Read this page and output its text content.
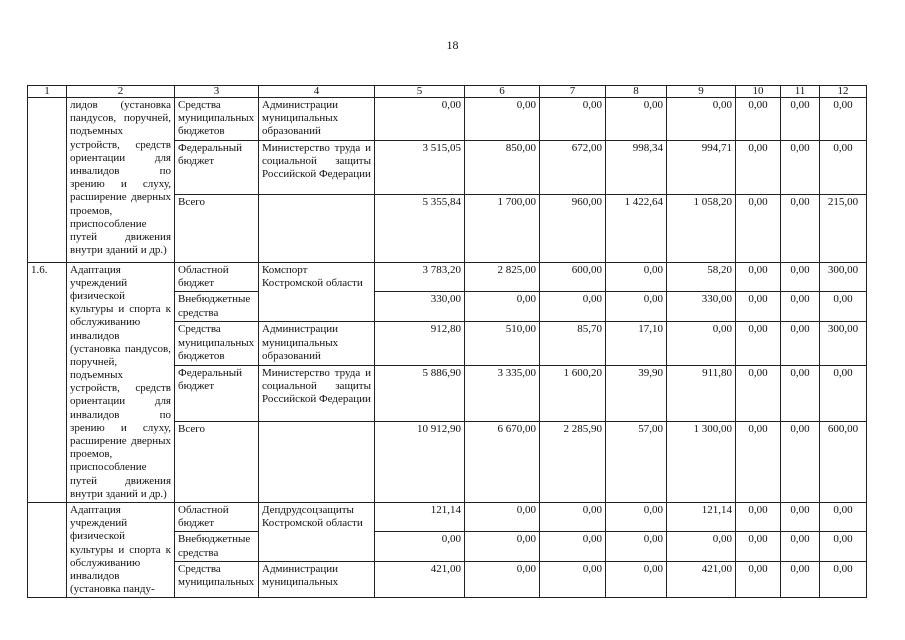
18
1	2	3	4	5	6	7	8	9	10	11	12
	лидов (установка пандусов, поручней, подъемных устройств, средств ориентации для инвалидов по зрению и слуху, расширение дверных проемов, приспособление путей движения внутри зданий и др.)	Средства муниципальных бюджетов	Администрации муниципальных образований	0,00	0,00	0,00	0,00	0,00	0,00	0,00	0,00
		Федеральный бюджет	Министерство труда и социальной защиты Российской Федерации	3 515,05	850,00	672,00	998,34	994,71	0,00	0,00	0,00
		Всего		5 355,84	1 700,00	960,00	1 422,64	1 058,20	0,00	0,00	215,00
1.6.	Адаптация учреждений физической культуры и спорта к обслуживанию инвалидов (установка пандусов, поручней, подъемных устройств, средств ориентации для инвалидов по зрению и слуху, расширение дверных проемов, приспособление путей движения внутри зданий и др.)	Областной бюджет	Комспорт Костромской области	3 783,20	2 825,00	600,00	0,00	58,20	0,00	0,00	300,00
		Внебюджетные средства		330,00	0,00	0,00	0,00	330,00	0,00	0,00	0,00
		Средства муниципальных бюджетов	Администрации муниципальных образований	912,80	510,00	85,70	17,10	0,00	0,00	0,00	300,00
		Федеральный бюджет	Министерство труда и социальной защиты Российской Федерации	5 886,90	3 335,00	1 600,20	39,90	911,80	0,00	0,00	0,00
		Всего		10 912,90	6 670,00	2 285,90	57,00	1 300,00	0,00	0,00	600,00
	Адаптация учреждений физической культуры и спорта к обслуживанию инвалидов (установка панду-	Областной бюджет	Депдрудсоцзащиты Костромской области	121,14	0,00	0,00	0,00	121,14	0,00	0,00	0,00
		Внебюджетные средства		0,00	0,00	0,00	0,00	0,00	0,00	0,00	0,00
		Средства муниципальных	Администрации муниципальных	421,00	0,00	0,00	0,00	421,00	0,00	0,00	0,00
